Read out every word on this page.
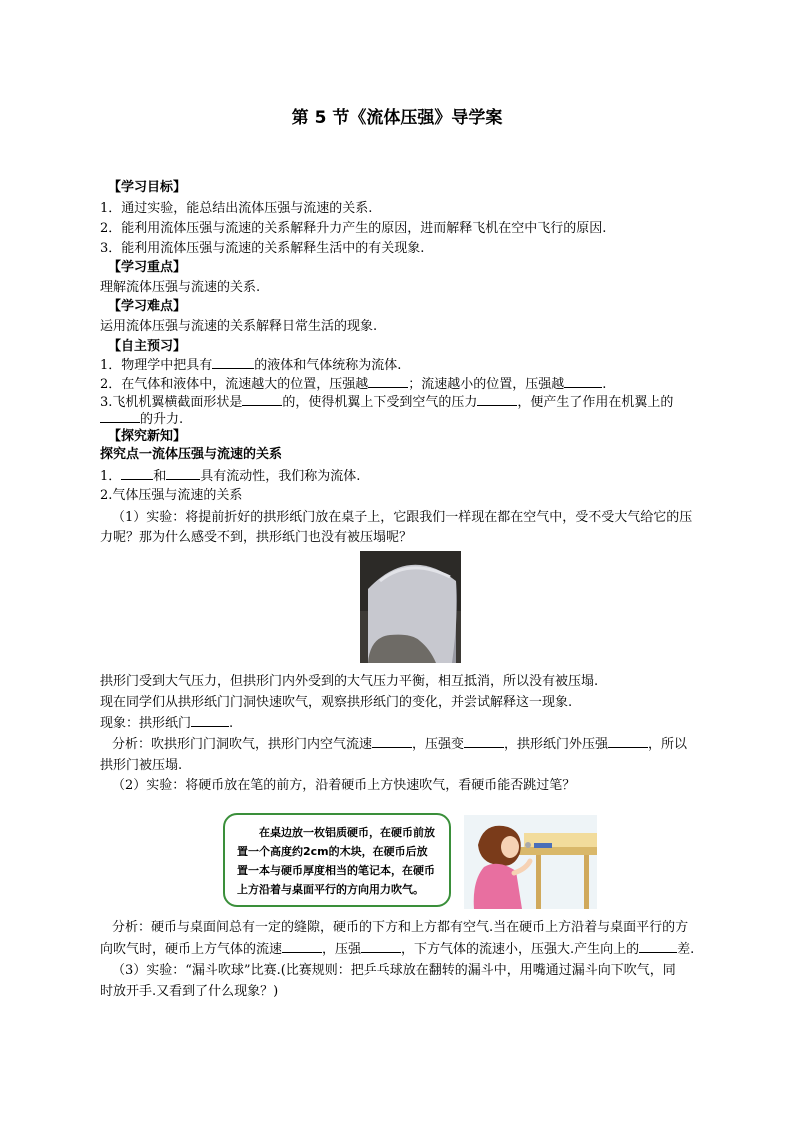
第 5 节《流体压强》导学案
【学习目标】
1．通过实验，能总结出流体压强与流速的关系.
2．能利用流体压强与流速的关系解释升力产生的原因，进而解释飞机在空中飞行的原因.
3．能利用流体压强与流速的关系解释生活中的有关现象.
【学习重点】
理解流体压强与流速的关系.
【学习难点】
运用流体压强与流速的关系解释日常生活的现象.
【自主预习】
1．物理学中把具有	的液体和气体统称为流体.
2．在气体和液体中，流速越大的位置，压强越	；流速越小的位置，压强越	.
3.飞机机翼横截面形状是	的，使得机翼上下受到空气的压力	，便产生了作用在机翼上的
的升力.
【探究新知】
探究点一流体压强与流速的关系
1． 和	具有流动性，我们称为流体.
2.气体压强与流速的关系
（1）实验：将提前折好的拱形纸门放在桌子上，它跟我们一样现在都在空气中，受不受大气给它的压
力呢？那为什么感受不到，拱形纸门也没有被压塌呢？
拱形门受到大气压力，但拱形门内外受到的大气压力平衡，相互抵消，所以没有被压塌.
现在同学们从拱形纸门门洞快速吹气，观察拱形纸门的变化，并尝试解释这一现象.
现象：拱形纸门	.
分析：吹拱形门门洞吹气，拱形门内空气流速	，压强变	，拱形纸门外压强	，所以
拱形门被压塌.
（2）实验：将硬币放在笔的前方，沿着硬币上方快速吹气，看硬币能否跳过笔？
在桌边放一枚铝质硬币，在硬币前放置一个高度约2cm的木块，在硬币后放置一本与硬币厚度相当的笔记本，在硬币上方沿着与桌面平行的方向用力吹气。
分析：硬币与桌面间总有一定的缝隙，硬币的下方和上方都有空气.当在硬币上方沿着与桌面平行的方
向吹气时，硬币上方气体的流速	，压强	，下方气体的流速小，压强大.产生向上的	差.
（3）实验：“漏斗吹球”比赛.(比赛规则：把乒乓球放在翻转的漏斗中，用嘴通过漏斗向下吹气，同
时放开手.又看到了什么现象？)
